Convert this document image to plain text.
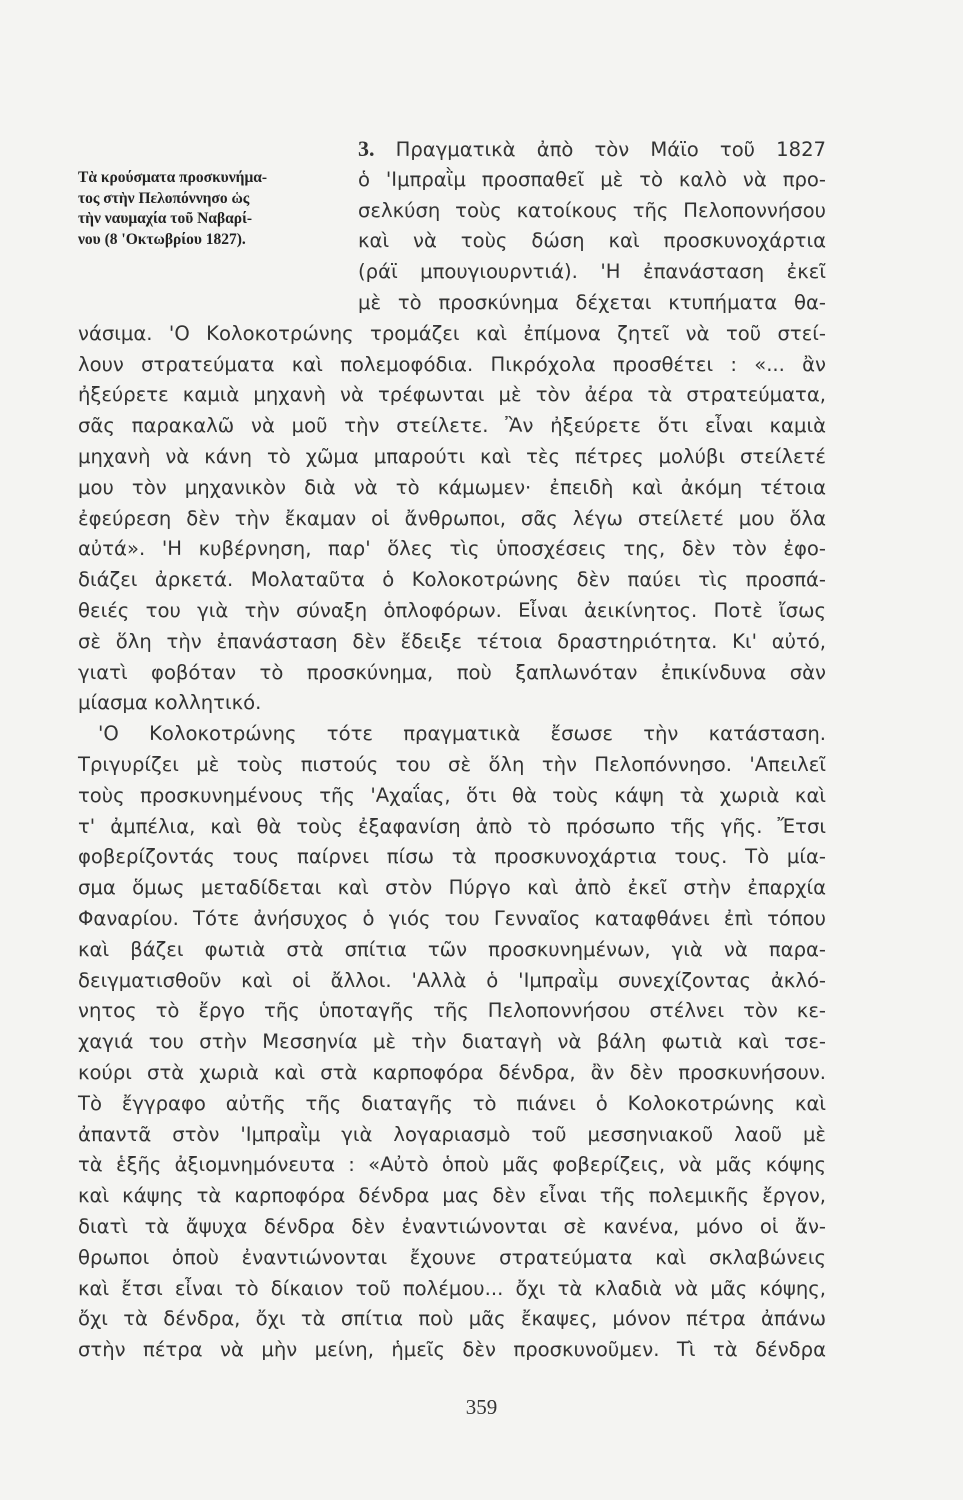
Τὰ κρούσματα προσκυνήμα-
τος στὴν Πελοπόννησο ὡς
τὴν ναυμαχία τοῦ Ναβαρί-
νου (8 'Οκτωβρίου 1827).
3. Πραγματικὰ ἀπὸ τὸν Μάϊο τοῦ 1827
ὁ 'Ιμπραῒμ προσπαθεῖ μὲ τὸ καλὸ νὰ προ-
σελκύση τοὺς κατοίκους τῆς Πελοποννήσου
καὶ νὰ τοὺς δώση καὶ προσκυνοχάρτια
(ράϊ μπουγιουρντιά). 'Η ἐπανάσταση ἐκεῖ
μὲ τὸ προσκύνημα δέχεται κτυπήματα θα-
νάσιμα. 'Ο Κολοκοτρώνης τρομάζει καὶ ἐπίμονα ζητεῖ νὰ τοῦ στεί-
λουν στρατεύματα καὶ πολεμοφόδια. Πικρόχολα προσθέτει : «... ἂν
ἠξεύρετε καμιὰ μηχανὴ νὰ τρέφωνται μὲ τὸν ἀέρα τὰ στρατεύματα,
σᾶς παρακαλῶ νὰ μοῦ τὴν στείλετε. Ἂν ἠξεύρετε ὅτι εἶναι καμιὰ
μηχανὴ νὰ κάνη τὸ χῶμα μπαρούτι καὶ τὲς πέτρες μολύβι στείλετέ
μου τὸν μηχανικὸν διὰ νὰ τὸ κάμωμεν· ἐπειδὴ καὶ ἀκόμη τέτοια
ἐφεύρεση δὲν τὴν ἔκαμαν οἱ ἄνθρωποι, σᾶς λέγω στείλετέ μου ὅλα
αὐτά». 'Η κυβέρνηση, παρ' ὅλες τὶς ὑποσχέσεις της, δὲν τὸν ἐφο-
διάζει ἀρκετά. Μολαταῦτα ὁ Κολοκοτρώνης δὲν παύει τὶς προσπά-
θειές του γιὰ τὴν σύναξη ὁπλοφόρων. Εἶναι ἀεικίνητος. Ποτὲ ἴσως
σὲ ὅλη τὴν ἐπανάσταση δὲν ἔδειξε τέτοια δραστηριότητα. Κι' αὐτό,
γιατὶ φοβόταν τὸ προσκύνημα, ποὺ ξαπλωνόταν ἐπικίνδυνα σὰν
μίασμα κολλητικό.
'Ο Κολοκοτρώνης τότε πραγματικὰ ἔσωσε τὴν κατάσταση.
Τριγυρίζει μὲ τοὺς πιστούς του σὲ ὅλη τὴν Πελοπόννησο. 'Απειλεῖ
τοὺς προσκυνημένους τῆς 'Αχαΐας, ὅτι θὰ τοὺς κάψη τὰ χωριὰ καὶ
τ' ἀμπέλια, καὶ θὰ τοὺς ἐξαφανίση ἀπὸ τὸ πρόσωπο τῆς γῆς. Ἔτσι
φοβερίζοντάς τους παίρνει πίσω τὰ προσκυνοχάρτια τους. Τὸ μία-
σμα ὅμως μεταδίδεται καὶ στὸν Πύργο καὶ ἀπὸ ἐκεῖ στὴν ἐπαρχία
Φαναρίου. Τότε ἀνήσυχος ὁ γιός του Γενναῖος καταφθάνει ἐπὶ τόπου
καὶ βάζει φωτιὰ στὰ σπίτια τῶν προσκυνημένων, γιὰ νὰ παρα-
δειγματισθοῦν καὶ οἱ ἄλλοι. 'Αλλὰ ὁ 'Ιμπραῒμ συνεχίζοντας ἀκλό-
νητος τὸ ἔργο τῆς ὑποταγῆς τῆς Πελοποννήσου στέλνει τὸν κε-
χαγιά του στὴν Μεσσηνία μὲ τὴν διαταγὴ νὰ βάλη φωτιὰ καὶ τσε-
κούρι στὰ χωριὰ καὶ στὰ καρποφόρα δένδρα, ἂν δὲν προσκυνήσουν.
Τὸ ἔγγραφο αὐτῆς τῆς διαταγῆς τὸ πιάνει ὁ Κολοκοτρώνης καὶ
ἀπαντᾶ στὸν 'Ιμπραῒμ γιὰ λογαριασμὸ τοῦ μεσσηνιακοῦ λαοῦ μὲ
τὰ ἑξῆς ἀξιομνημόνευτα : «Αὐτὸ ὁποὺ μᾶς φοβερίζεις, νὰ μᾶς κόψης
καὶ κάψης τὰ καρποφόρα δένδρα μας δὲν εἶναι τῆς πολεμικῆς ἔργον,
διατὶ τὰ ἄψυχα δένδρα δὲν ἐναντιώνονται σὲ κανένα, μόνο οἱ ἄν-
θρωποι ὁποὺ ἐναντιώνονται ἔχουνε στρατεύματα καὶ σκλαβώνεις
καὶ ἔτσι εἶναι τὸ δίκαιον τοῦ πολέμου... ὄχι τὰ κλαδιὰ νὰ μᾶς κόψης,
ὄχι τὰ δένδρα, ὄχι τὰ σπίτια ποὺ μᾶς ἔκαψες, μόνον πέτρα ἀπάνω
στὴν πέτρα νὰ μὴν μείνη, ἡμεῖς δὲν προσκυνοῦμεν. Τὶ τὰ δένδρα
359
